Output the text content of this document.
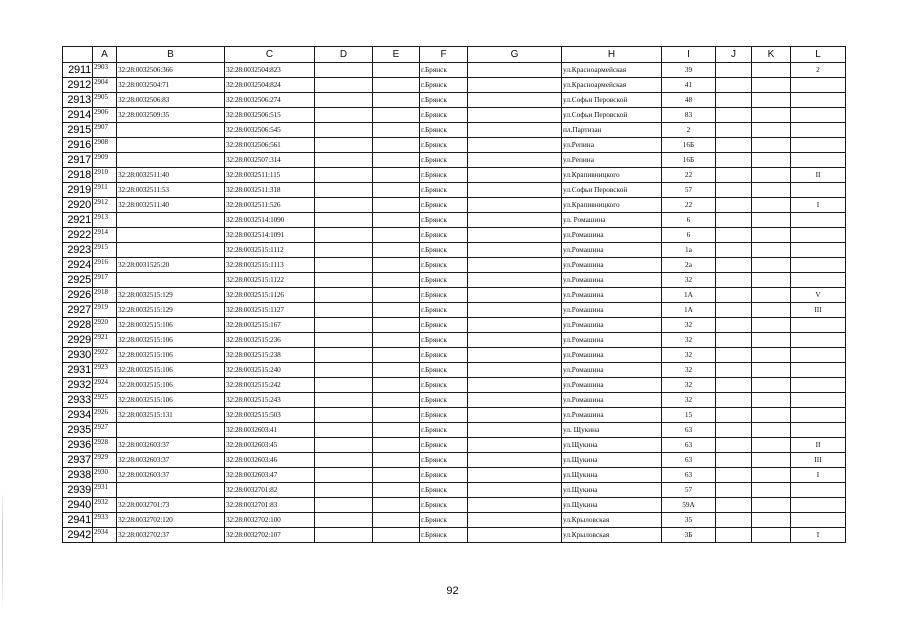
	A	B	C	D	E	F	G	H	I	J	K	L
2911	2903	32:28:0032506:366	32:28:0032504:823			г.Брянск		ул.Красноармейская	39			2
2912	2904	32:28:0032504:71	32:28:0032504:824			г.Брянск		ул.Красноармейская	41			
2913	2905	32:28:0032506:83	32:28:0032506:274			г.Брянск		ул.Софьи Перовской	48			
2914	2906	32:28:0032509:35	32:28:0032506:515			г.Брянск		ул.Софьи Перовской	83			
2915	2907		32:28:0032506:545			г.Брянск		пл.Партизан	2			
2916	2908		32:28:0032506:561			г.Брянск		ул.Репина	16Б			
2917	2909		32:28:0032507:314			г.Брянск		ул.Репина	16Б			
2918	2910	32:28:0032511:40	32:28:0032511:115			г.Брянск		ул.Крапивницкого	22			II
2919	2911	32:28:0032511:53	32:28:0032511:318			г.Брянск		ул.Софьи Перовской	57			
2920	2912	32:28:0032511:40	32:28:0032511:526			г.Брянск		ул.Крапивницкого	22			I
2921	2913		32:28:0032514:1090			г.Брянск		ул. Ромашина	6			
2922	2914		32:28:0032514:1091			г.Брянск		ул.Ромашина	6			
2923	2915		32:28:0032515:1112			г.Брянск		ул.Ромашина	1а			
2924	2916	32:28:0031525:20	32:28:0032515:1113			г.Брянск		ул.Ромашина	2а			
2925	2917		32:28:0032515:1122			г.Брянск		ул.Ромашина	32			
2926	2918	32:28:0032515:129	32:28:0032515:1126			г.Брянск		ул.Ромашина	1А			V
2927	2919	32:28:0032515:129	32:28:0032515:1127			г.Брянск		ул.Ромашина	1А			III
2928	2920	32:28:0032515:106	32:28:0032515:167			г.Брянск		ул.Ромашина	32			
2929	2921	32:28:0032515:106	32:28:0032515:236			г.Брянск		ул.Ромашина	32			
2930	2922	32:28:0032515:106	32:28:0032515:238			г.Брянск		ул.Ромашина	32			
2931	2923	32:28:0032515:106	32:28:0032515:240			г.Брянск		ул.Ромашина	32			
2932	2924	32:28:0032515:106	32:28:0032515:242			г.Брянск		ул.Ромашина	32			
2933	2925	32:28:0032515:106	32:28:0032515:243			г.Брянск		ул.Ромашина	32			
2934	2926	32:28:0032515:131	32:28:0032515:503			г.Брянск		ул.Ромашина	15			
2935	2927		32:28:0032603:41			г.Брянск		ул. Щукина	63			
2936	2928	32:28:0032603:37	32:28:0032603:45			г.Брянск		ул.Щукина	63			II
2937	2929	32:28:0032603:37	32:28:0032603:46			г.Брянск		ул.Щукина	63			III
2938	2930	32:28:0032603:37	32:28:0032603:47			г.Брянск		ул.Щукина	63			I
2939	2931		32:28:0032701:82			г.Брянск		ул.Щукина	57			
2940	2932	32:28:0032701:73	32:28:0032701:83			г.Брянск		ул.Щукина	59А			
2941	2933	32:28:0032702:120	32:28:0032702:100			г.Брянск		ул.Крыловская	35			
2942	2934	32:28:0032702:37	32:28:0032702:107			г.Брянск		ул.Крыловская	3Б			I
92
